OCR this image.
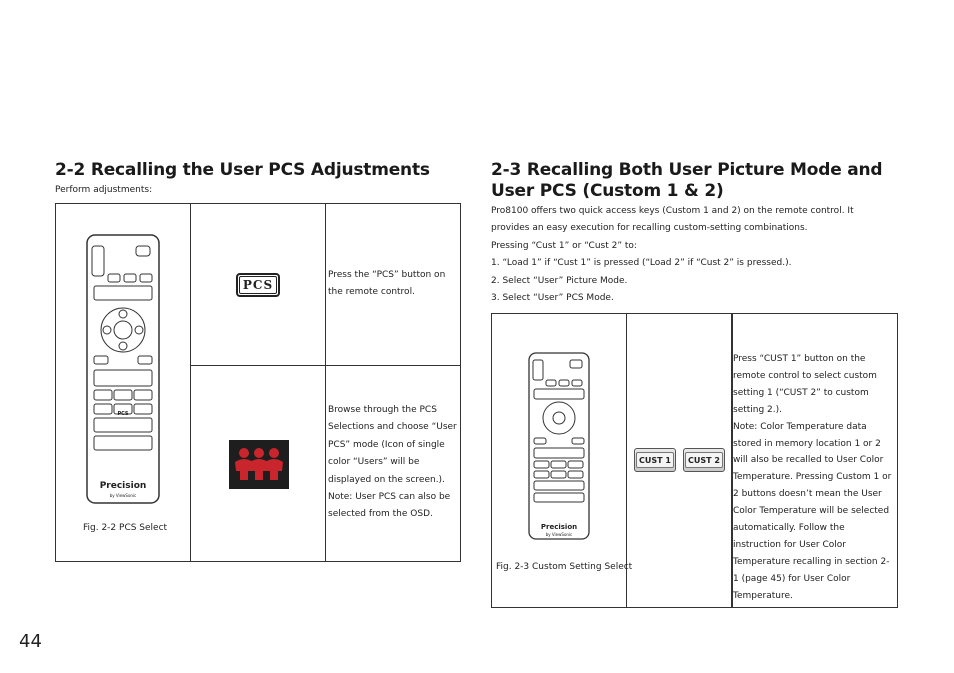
2-2 Recalling the User PCS Adjustments
Perform adjustments:
PCS
Precision
by ViewSonic
Fig. 2-2 PCS Select
PCS
Press the “PCS” button on the remote control.
Browse through the PCS Selections and choose “User PCS” mode (Icon of single color “Users” will be displayed on the screen.).
Note: User PCS can also be selected from the OSD.
2-3 Recalling Both User Picture Mode and User PCS (Custom 1 & 2)

Pro8100 offers two quick access keys (Custom 1 and 2) on the remote control. It provides an easy execution for recalling custom-setting combinations.

Pressing “Cust 1” or “Cust 2” to:

1. “Load 1” if “Cust 1” is pressed (“Load 2” if “Cust 2” is pressed.).

2. Select “User” Picture Mode.

3. Select “User” PCS Mode.

Precision
by ViewSonic
Fig. 2-3 Custom Setting Select
CUST 1	CUST 2
Press “CUST 1” button on the remote control to select custom setting 1 (“CUST 2” to custom setting 2.).
Note: Color Temperature data stored in memory location 1 or 2 will also be recalled to User Color Temperature. Pressing Custom 1 or 2 buttons doesn’t mean the User Color Temperature will be selected automatically. Follow the instruction for User Color Temperature recalling in section 2-1 (page 45) for User Color Temperature.
44
